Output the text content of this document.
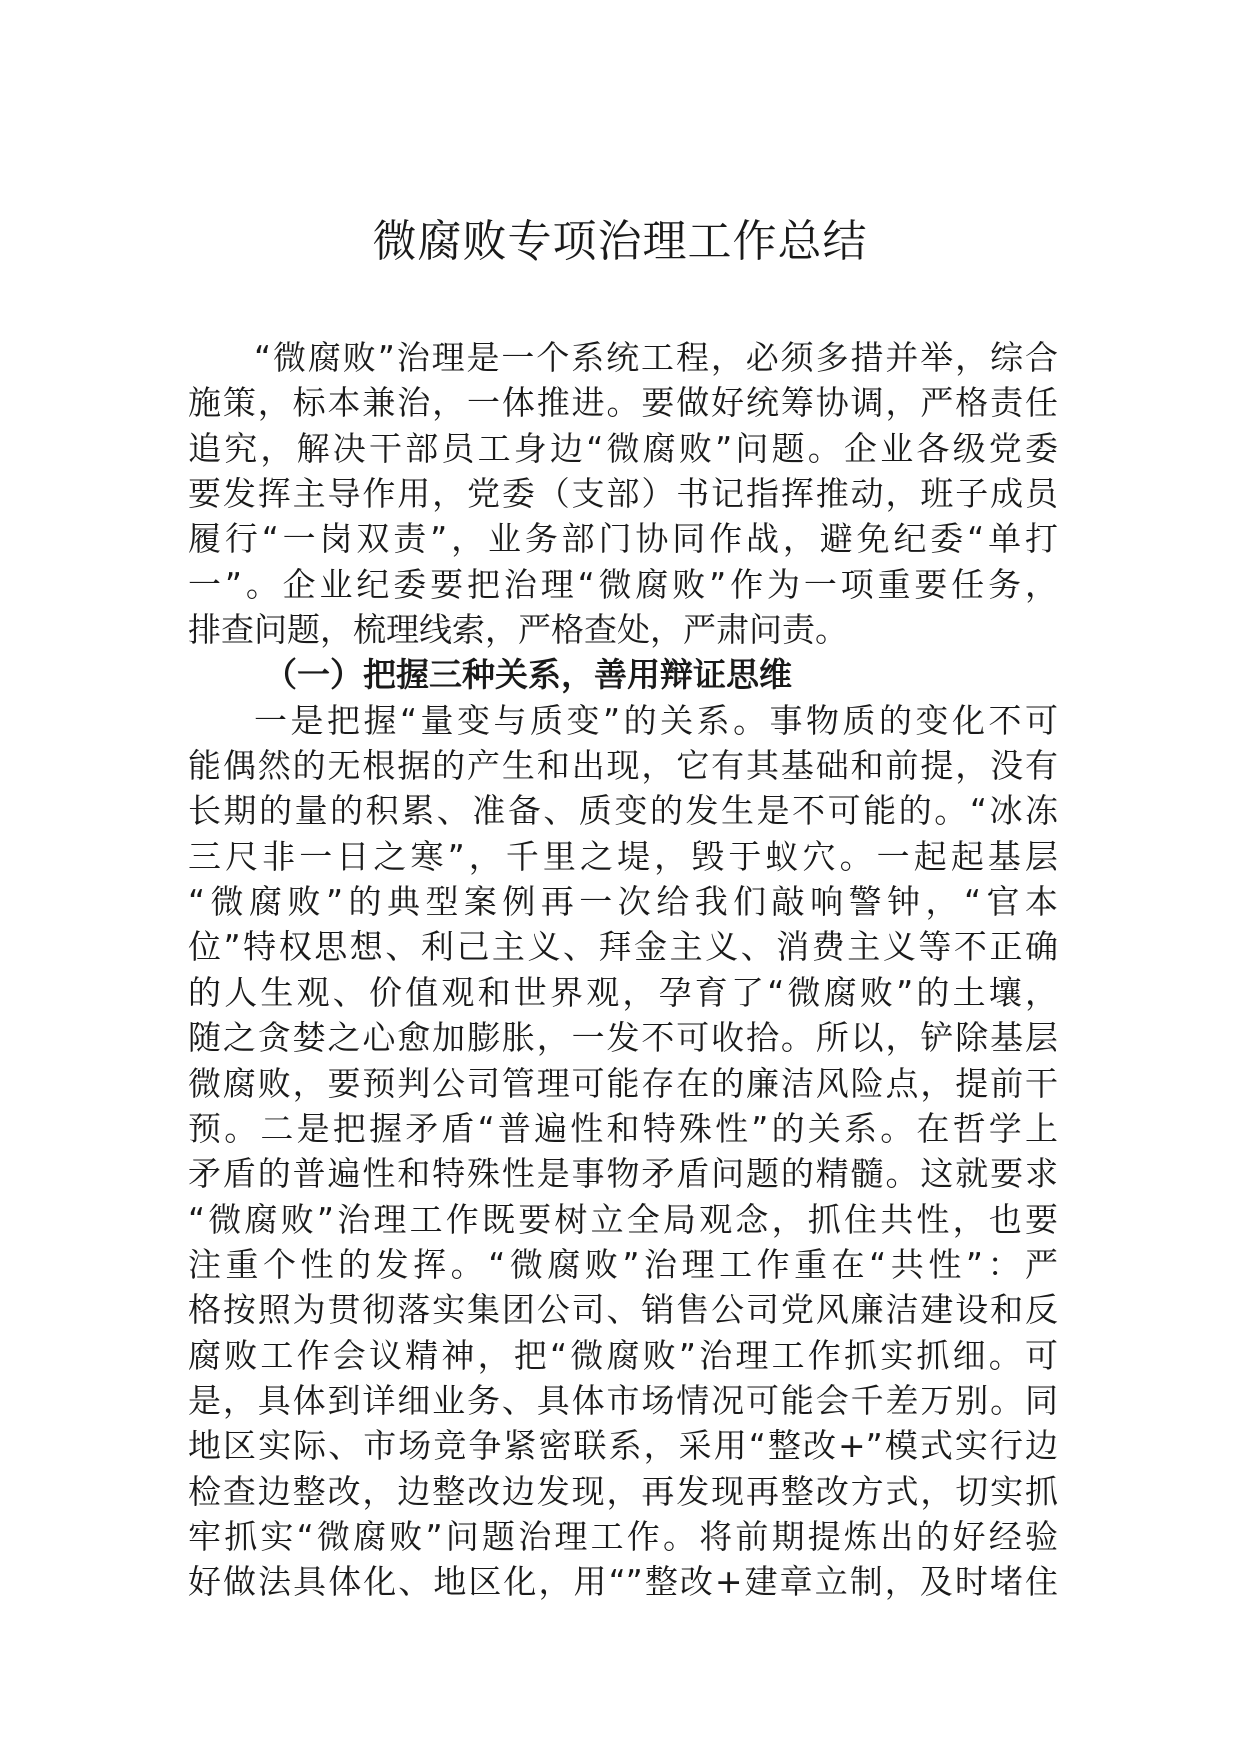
微腐败专项治理工作总结
“微腐败”治理是一个系统工程，必须多措并举，综合
施策，标本兼治，一体推进。要做好统筹协调，严格责任
追究，解决干部员工身边“微腐败”问题。企业各级党委
要发挥主导作用，党委（支部）书记指挥推动，班子成员
履行“一岗双责”，业务部门协同作战，避免纪委“单打
一”。企业纪委要把治理“微腐败”作为一项重要任务，
排查问题，梳理线索，严格查处，严肃问责。
（一）把握三种关系，善用辩证思维
一是把握“量变与质变”的关系。事物质的变化不可
能偶然的无根据的产生和出现，它有其基础和前提，没有
长期的量的积累、准备、质变的发生是不可能的。“冰冻
三尺非一日之寒”，千里之堤，毁于蚁穴。一起起基层
“微腐败”的典型案例再一次给我们敲响警钟，“官本
位”特权思想、利己主义、拜金主义、消费主义等不正确
的人生观、价值观和世界观，孕育了“微腐败”的土壤，
随之贪婪之心愈加膨胀，一发不可收拾。所以，铲除基层
微腐败，要预判公司管理可能存在的廉洁风险点，提前干
预。二是把握矛盾“普遍性和特殊性”的关系。在哲学上
矛盾的普遍性和特殊性是事物矛盾问题的精髓。这就要求
“微腐败”治理工作既要树立全局观念，抓住共性，也要
注重个性的发挥。“微腐败”治理工作重在“共性”：严
格按照为贯彻落实集团公司、销售公司党风廉洁建设和反
腐败工作会议精神，把“微腐败”治理工作抓实抓细。可
是，具体到详细业务、具体市场情况可能会千差万别。同
地区实际、市场竞争紧密联系，采用“整改+”模式实行边
检查边整改，边整改边发现，再发现再整改方式，切实抓
牢抓实“微腐败”问题治理工作。将前期提炼出的好经验
好做法具体化、地区化，用“”整改+建章立制，及时堵住
